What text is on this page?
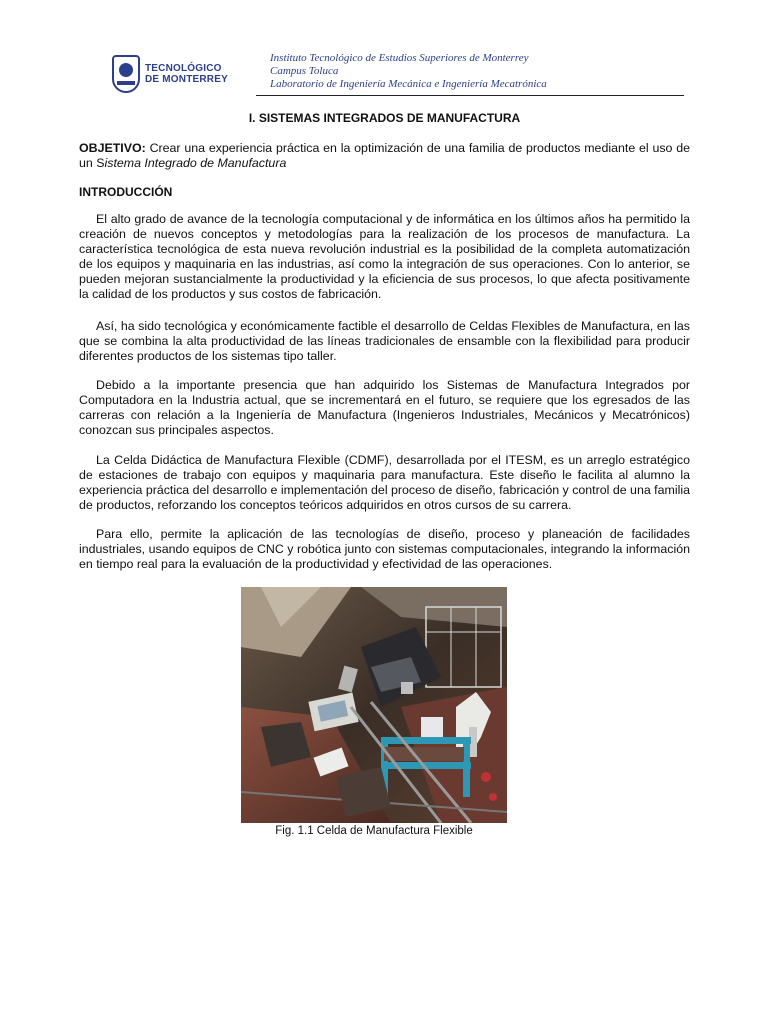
TECNOLÓGICO
DE MONTERREY
Instituto Tecnológico de Estudios Superiores de Monterrey
Campus Toluca
Laboratorio de Ingeniería Mecánica e Ingeniería Mecatrónica
I. SISTEMAS INTEGRADOS DE MANUFACTURA
OBJETIVO: Crear una experiencia práctica en la optimización de una familia de productos mediante el uso de un Sistema Integrado de Manufactura
INTRODUCCIÓN

El alto grado de avance de la tecnología computacional y de informática en los últimos años ha permitido la creación de nuevos conceptos y metodologías para la realización de los procesos de manufactura. La característica tecnológica de esta nueva revolución industrial es la posibilidad de la completa automatización de los equipos y maquinaria en las industrias, así como la integración de sus operaciones. Con lo anterior, se pueden mejoran sustancialmente la productividad y la eficiencia de sus procesos, lo que afecta positivamente la calidad de los productos y sus costos de fabricación.

Así, ha sido tecnológica y económicamente factible el desarrollo de Celdas Flexibles de Manufactura, en las que se combina la alta productividad de las líneas tradicionales de ensamble con la flexibilidad para producir diferentes productos de los sistemas tipo taller.

Debido a la importante presencia que han adquirido los Sistemas de Manufactura Integrados por Computadora en la Industria actual, que se incrementará en el futuro, se requiere que los egresados de las carreras con relación a la Ingeniería de Manufactura (Ingenieros Industriales, Mecánicos y Mecatrónicos) conozcan sus principales aspectos.

La Celda Didáctica de Manufactura Flexible (CDMF), desarrollada por el ITESM, es un arreglo estratégico de estaciones de trabajo con equipos y maquinaria para manufactura. Este diseño le facilita al alumno la experiencia práctica del desarrollo e implementación del proceso de diseño, fabricación y control de una familia de productos, reforzando los conceptos teóricos adquiridos en otros cursos de su carrera.

Para ello, permite la aplicación de las tecnologías de diseño, proceso y planeación de facilidades industriales, usando equipos de CNC y robótica junto con sistemas computacionales, integrando la información en tiempo real para la evaluación de la productividad y efectividad de las operaciones.

Fig. 1.1 Celda de Manufactura Flexible
